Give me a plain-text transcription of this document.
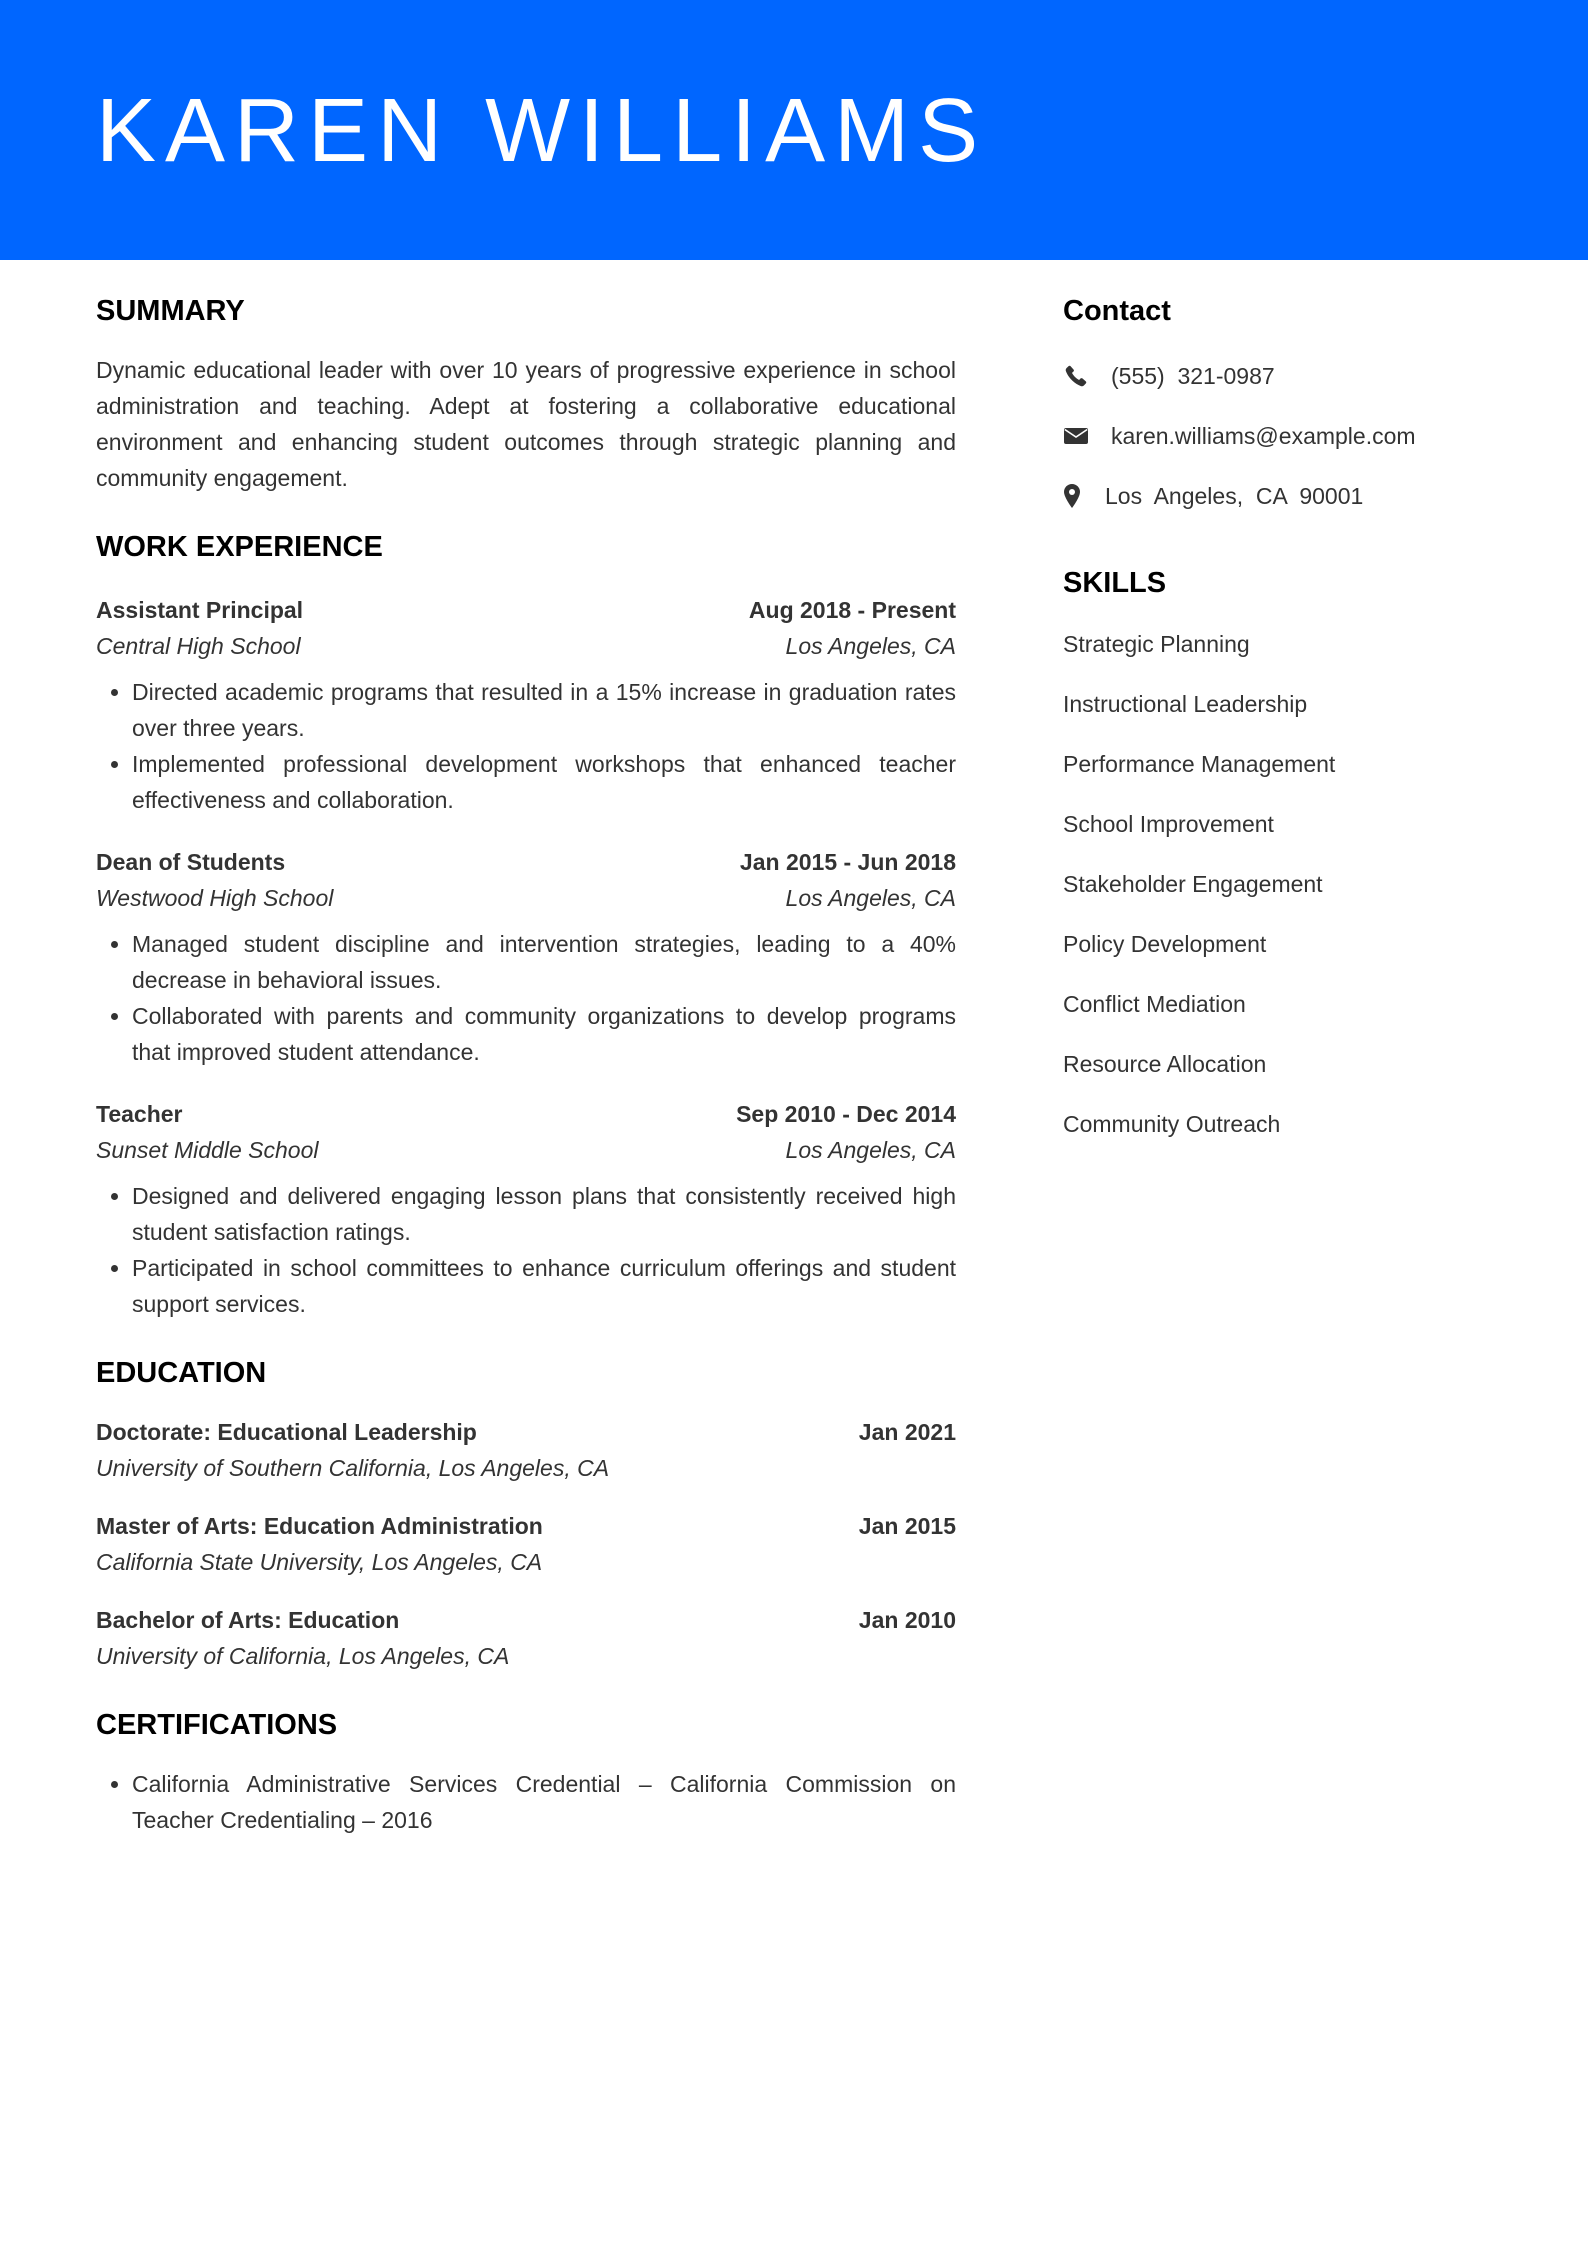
KAREN WILLIAMS
SUMMARY

Dynamic educational leader with over 10 years of progressive experience in school administration and teaching. Adept at fostering a collaborative educational environment and enhancing student outcomes through strategic planning and community engagement.

WORK EXPERIENCE
Assistant Principal	Aug 2018 - Present
Central High School	Los Angeles, CA
• Directed academic programs that resulted in a 15% increase in graduation rates over three years.
• Implemented professional development workshops that enhanced teacher effectiveness and collaboration.
Dean of Students	Jan 2015 - Jun 2018
Westwood High School	Los Angeles, CA
• Managed student discipline and intervention strategies, leading to a 40% decrease in behavioral issues.
• Collaborated with parents and community organizations to develop programs that improved student attendance.
Teacher	Sep 2010 - Dec 2014
Sunset Middle School	Los Angeles, CA
• Designed and delivered engaging lesson plans that consistently received high student satisfaction ratings.
• Participated in school committees to enhance curriculum offerings and student support services.
EDUCATION
Doctorate: Educational Leadership	Jan 2021
University of Southern California, Los Angeles, CA
Master of Arts: Education Administration	Jan 2015
California State University, Los Angeles, CA
Bachelor of Arts: Education	Jan 2010
University of California, Los Angeles, CA
CERTIFICATIONS
• California Administrative Services Credential – California Commission on Teacher Credentialing – 2016
Contact
(555)  321-0987
karen.williams@example.com
Los  Angeles,  CA  90001
SKILLS
Strategic Planning
Instructional Leadership
Performance Management
School Improvement
Stakeholder Engagement
Policy Development
Conflict Mediation
Resource Allocation
Community Outreach
